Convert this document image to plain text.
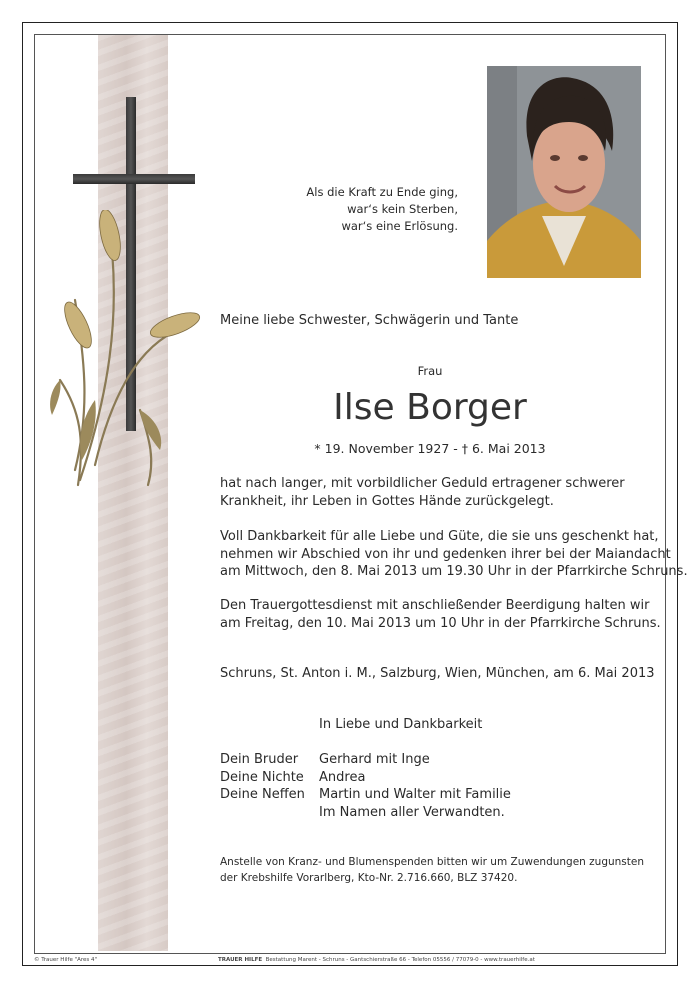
Als die Kraft zu Ende ging,
war‘s kein Sterben,
war‘s eine Erlösung.
Meine liebe Schwester, Schwägerin und Tante
Frau
Ilse Borger
* 19. November 1927 - † 6. Mai 2013
hat nach langer, mit vorbildlicher Geduld ertragener schwerer
Krankheit, ihr Leben in Gottes Hände zurückgelegt.
Voll Dankbarkeit für alle Liebe und Güte, die sie uns geschenkt hat,
nehmen wir Abschied von ihr und gedenken ihrer bei der Maiandacht
am Mittwoch, den 8. Mai 2013 um 19.30 Uhr in der Pfarrkirche Schruns.
Den Trauergottesdienst mit anschließender Beerdigung halten wir
am Freitag, den 10. Mai 2013 um 10 Uhr in der Pfarrkirche Schruns.
Schruns, St. Anton i. M., Salzburg, Wien, München, am 6. Mai 2013
In Liebe und Dankbarkeit
Dein Bruder Gerhard mit Inge
Deine Nichte Andrea
Deine Neffen Martin und Walter mit Familie
Im Namen aller Verwandten.
Anstelle von Kranz- und Blumenspenden bitten wir um Zuwendungen zugunsten
der Krebshilfe Vorarlberg, Kto-Nr. 2.716.660, BLZ 37420.
© Trauer Hilfe "Ares 4"	TRAUER HILFE Bestattung Marent - Schruns - Gantschierstraße 66 - Telefon 05556 / 77079-0 - www.trauerhilfe.at
